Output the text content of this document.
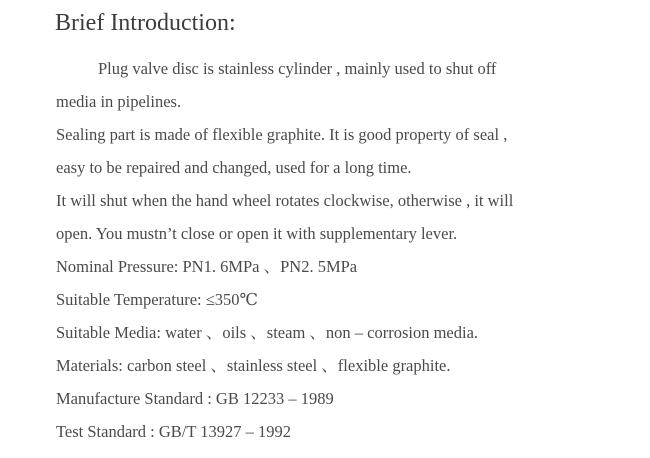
Brief Introduction:
Plug valve disc is stainless cylinder , mainly used to shut off
media in pipelines.
Sealing part is made of flexible graphite. It is good property of seal ,
easy to be repaired and changed, used for a long time.
It will shut when the hand wheel rotates clockwise, otherwise , it will
open. You mustn’t close or open it with supplementary lever.
Nominal Pressure: PN1. 6MPa 、PN2. 5MPa
Suitable Temperature: ≤350℃
Suitable Media: water 、oils 、steam 、non – corrosion media.
Materials: carbon steel 、stainless steel 、flexible graphite.
Manufacture Standard : GB 12233 – 1989
Test Standard : GB/T 13927 – 1992
